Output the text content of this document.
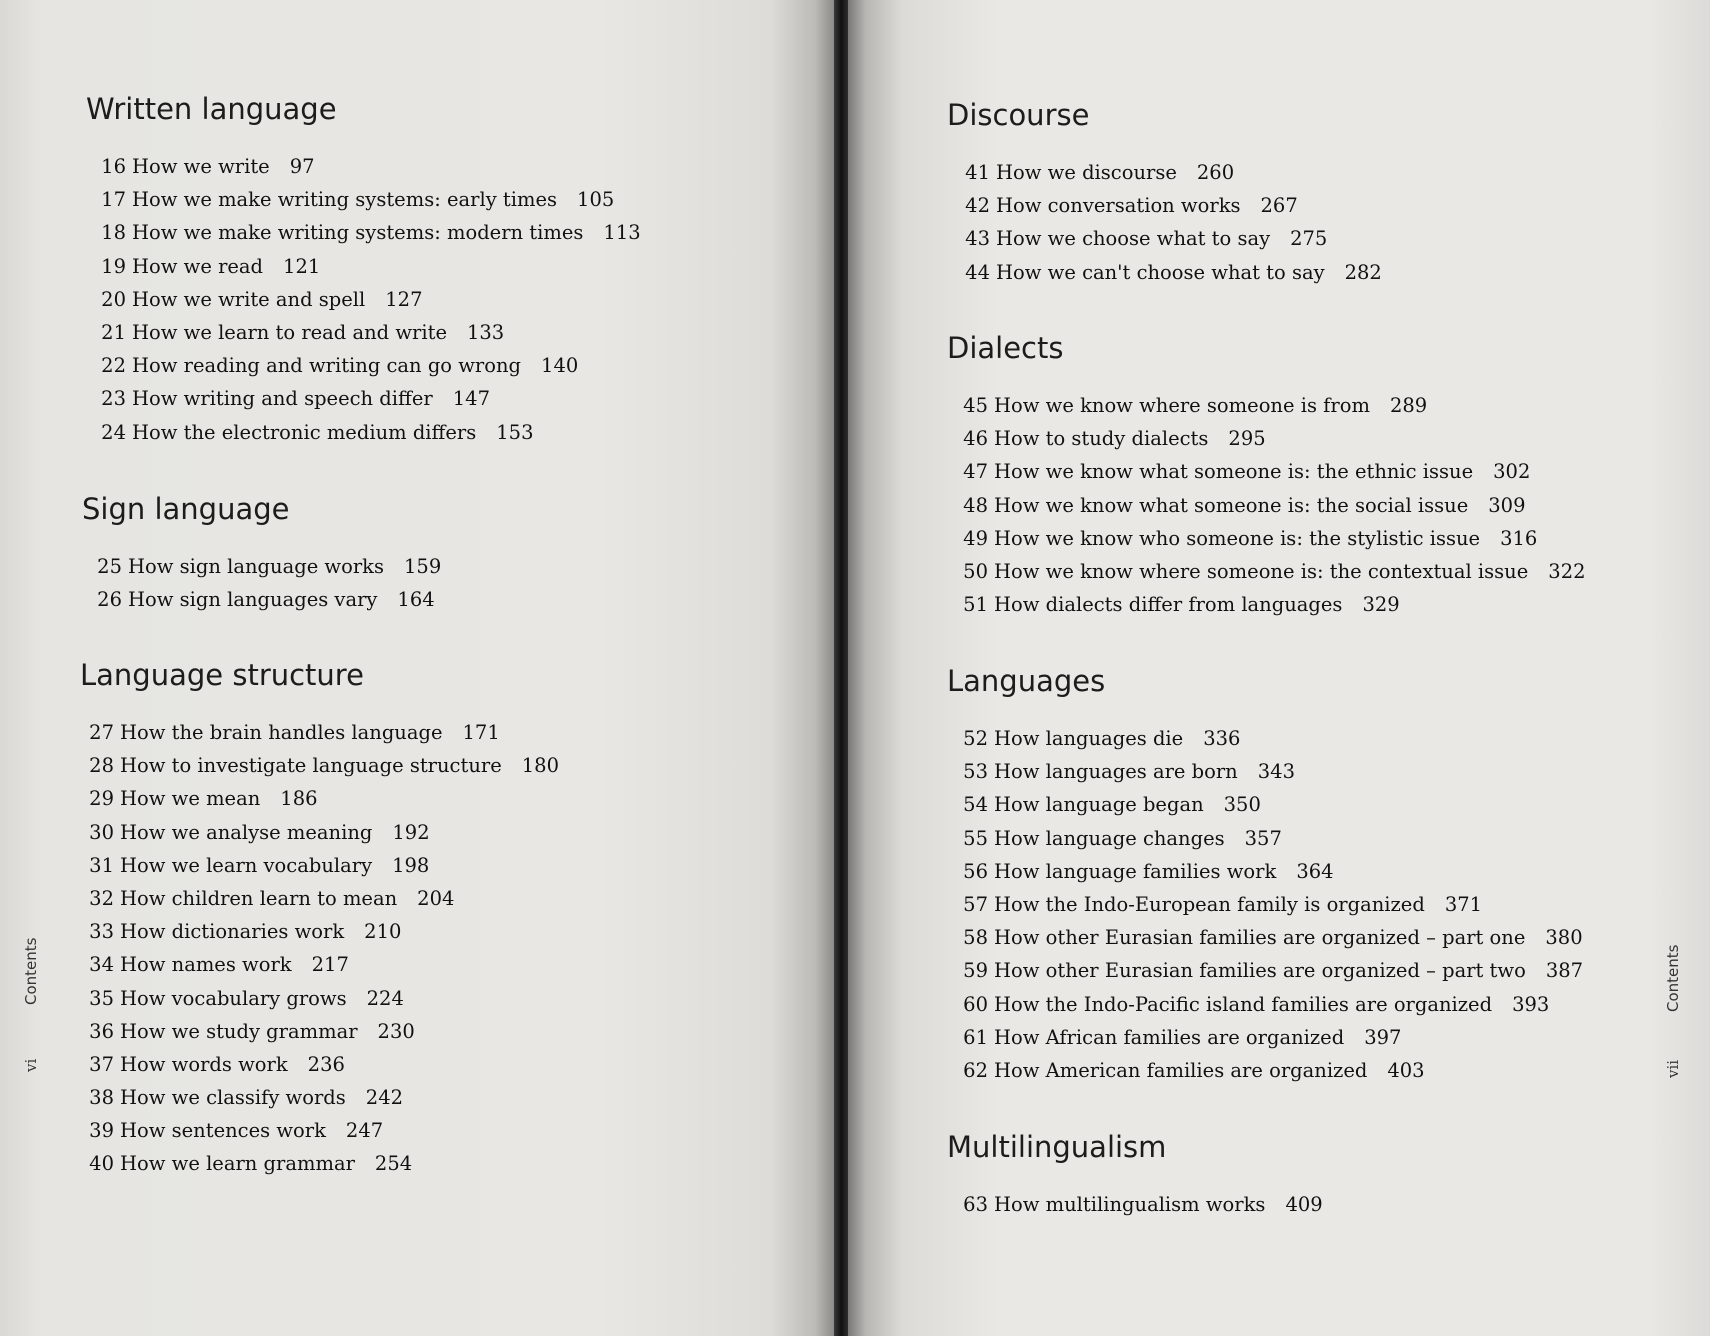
Contents
vi
Contents
vii
Written language
16 How we write 97
17 How we make writing systems: early times 105
18 How we make writing systems: modern times 113
19 How we read 121
20 How we write and spell 127
21 How we learn to read and write 133
22 How reading and writing can go wrong 140
23 How writing and speech differ 147
24 How the electronic medium differs 153
Sign language
25 How sign language works 159
26 How sign languages vary 164
Language structure
27 How the brain handles language 171
28 How to investigate language structure 180
29 How we mean 186
30 How we analyse meaning 192
31 How we learn vocabulary 198
32 How children learn to mean 204
33 How dictionaries work 210
34 How names work 217
35 How vocabulary grows 224
36 How we study grammar 230
37 How words work 236
38 How we classify words 242
39 How sentences work 247
40 How we learn grammar 254
Discourse
41 How we discourse 260
42 How conversation works 267
43 How we choose what to say 275
44 How we can't choose what to say 282
Dialects
45 How we know where someone is from 289
46 How to study dialects 295
47 How we know what someone is: the ethnic issue 302
48 How we know what someone is: the social issue 309
49 How we know who someone is: the stylistic issue 316
50 How we know where someone is: the contextual issue 322
51 How dialects differ from languages 329
Languages
52 How languages die 336
53 How languages are born 343
54 How language began 350
55 How language changes 357
56 How language families work 364
57 How the Indo-European family is organized 371
58 How other Eurasian families are organized – part one 380
59 How other Eurasian families are organized – part two 387
60 How the Indo-Pacific island families are organized 393
61 How African families are organized 397
62 How American families are organized 403
Multilingualism
63 How multilingualism works 409
